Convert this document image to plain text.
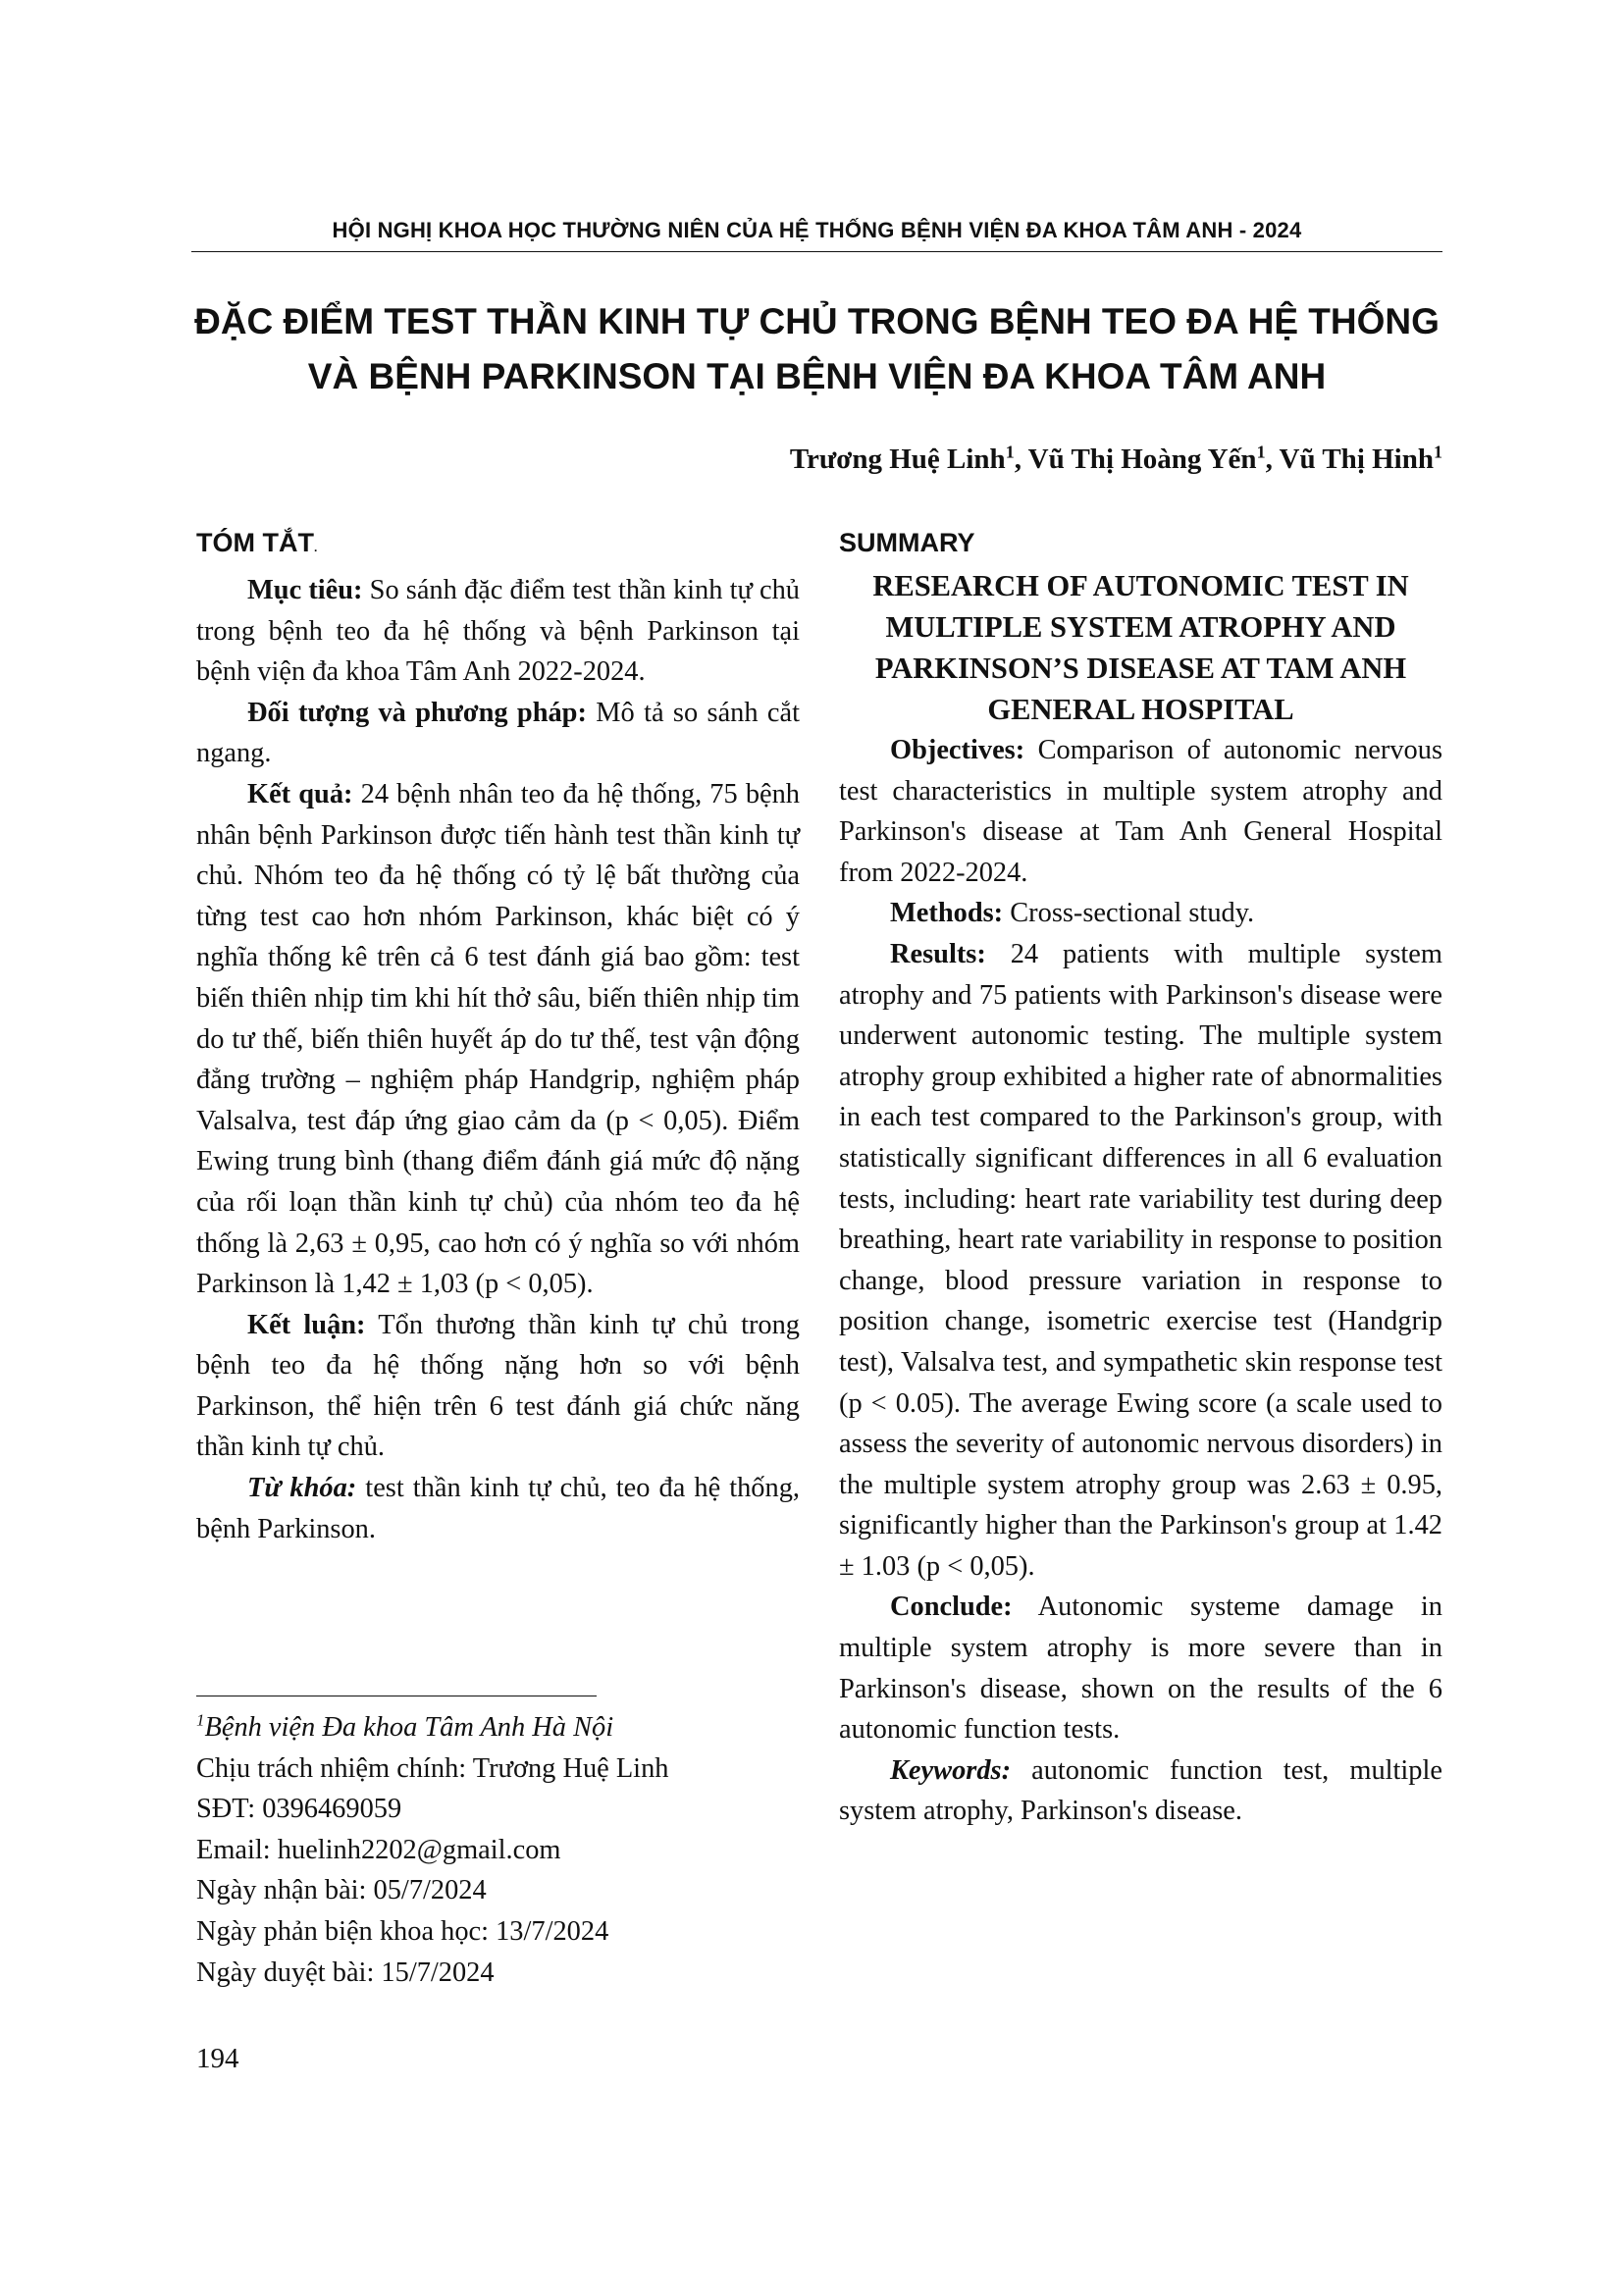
HỘI NGHỊ KHOA HỌC THƯỜNG NIÊN CỦA HỆ THỐNG BỆNH VIỆN ĐA KHOA TÂM ANH - 2024
ĐẶC ĐIỂM TEST THẦN KINH TỰ CHỦ TRONG BỆNH TEO ĐA HỆ THỐNG
VÀ BỆNH PARKINSON TẠI BỆNH VIỆN ĐA KHOA TÂM ANH
Trương Huệ Linh$^1$, Vũ Thị Hoàng Yến$^1$, Vũ Thị Hinh$^1$
TÓM TẮT.

Mục tiêu: So sánh đặc điểm test thần kinh tự chủ trong bệnh teo đa hệ thống và bệnh Parkinson tại bệnh viện đa khoa Tâm Anh 2022-2024.

Đối tượng và phương pháp: Mô tả so sánh cắt ngang.

Kết quả: 24 bệnh nhân teo đa hệ thống, 75 bệnh nhân bệnh Parkinson được tiến hành test thần kinh tự chủ. Nhóm teo đa hệ thống có tỷ lệ bất thường của từng test cao hơn nhóm Parkinson, khác biệt có ý nghĩa thống kê trên cả 6 test đánh giá bao gồm: test biến thiên nhịp tim khi hít thở sâu, biến thiên nhịp tim do tư thế, biến thiên huyết áp do tư thế, test vận động đẳng trường – nghiệm pháp Handgrip, nghiệm pháp Valsalva, test đáp ứng giao cảm da (p < 0,05). Điểm Ewing trung bình (thang điểm đánh giá mức độ nặng của rối loạn thần kinh tự chủ) của nhóm teo đa hệ thống là 2,63 ± 0,95, cao hơn có ý nghĩa so với nhóm Parkinson là 1,42 ± 1,03 (p < 0,05).

Kết luận: Tổn thương thần kinh tự chủ trong bệnh teo đa hệ thống nặng hơn so với bệnh Parkinson, thể hiện trên 6 test đánh giá chức năng thần kinh tự chủ.

Từ khóa: test thần kinh tự chủ, teo đa hệ thống, bệnh Parkinson.

SUMMARY
RESEARCH OF AUTONOMIC TEST IN
MULTIPLE SYSTEM ATROPHY AND
PARKINSON’S DISEASE AT TAM ANH
GENERAL HOSPITAL

Objectives: Comparison of autonomic nervous test characteristics in multiple system atrophy and Parkinson's disease at Tam Anh General Hospital from 2022-2024.

Methods: Cross-sectional study.

Results: 24 patients with multiple system atrophy and 75 patients with Parkinson's disease were underwent autonomic testing. The multiple system atrophy group exhibited a higher rate of abnormalities in each test compared to the Parkinson's group, with statistically significant differences in all 6 evaluation tests, including: heart rate variability test during deep breathing, heart rate variability in response to position change, blood pressure variation in response to position change, isometric exercise test (Handgrip test), Valsalva test, and sympathetic skin response test (p < 0.05). The average Ewing score (a scale used to assess the severity of autonomic nervous disorders) in the multiple system atrophy group was 2.63 ± 0.95, significantly higher than the Parkinson's group at 1.42 ± 1.03 (p < 0,05).

Conclude: Autonomic systeme damage in multiple system atrophy is more severe than in Parkinson's disease, shown on the results of the 6 autonomic function tests.

Keywords: autonomic function test, multiple system atrophy, Parkinson's disease.

$^1$Bệnh viện Đa khoa Tâm Anh Hà Nội
Chịu trách nhiệm chính: Trương Huệ Linh
SĐT: 0396469059
Email: huelinh2202@gmail.com
Ngày nhận bài: 05/7/2024
Ngày phản biện khoa học: 13/7/2024
Ngày duyệt bài: 15/7/2024
194
